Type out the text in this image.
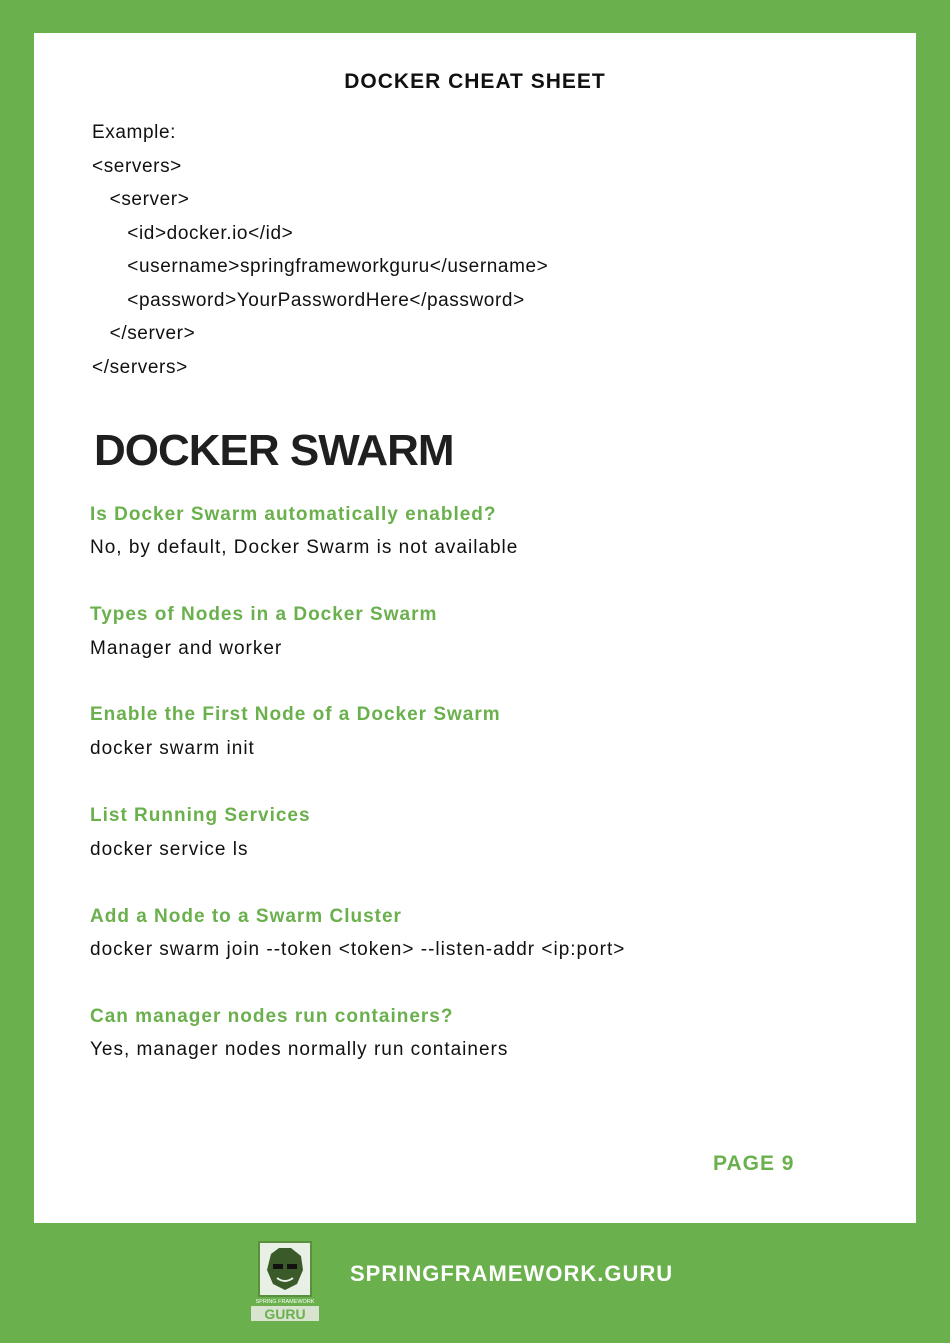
DOCKER CHEAT SHEET
Example:
<servers>
<server>
<id>docker.io</id>
<username>springframeworkguru</username>
<password>YourPasswordHere</password>
</server>
</servers>
DOCKER SWARM
Is Docker Swarm automatically enabled?
No, by default, Docker Swarm is not available
Types of Nodes in a Docker Swarm
Manager and worker
Enable the First Node of a Docker Swarm
docker swarm init
List Running Services
docker service ls
Add a Node to a Swarm Cluster
docker swarm join --token <token> --listen-addr <ip:port>
Can manager nodes run containers?
Yes, manager nodes normally run containers
PAGE 9
SPRING FRAMEWORK
GURU
SPRINGFRAMEWORK.GURU
